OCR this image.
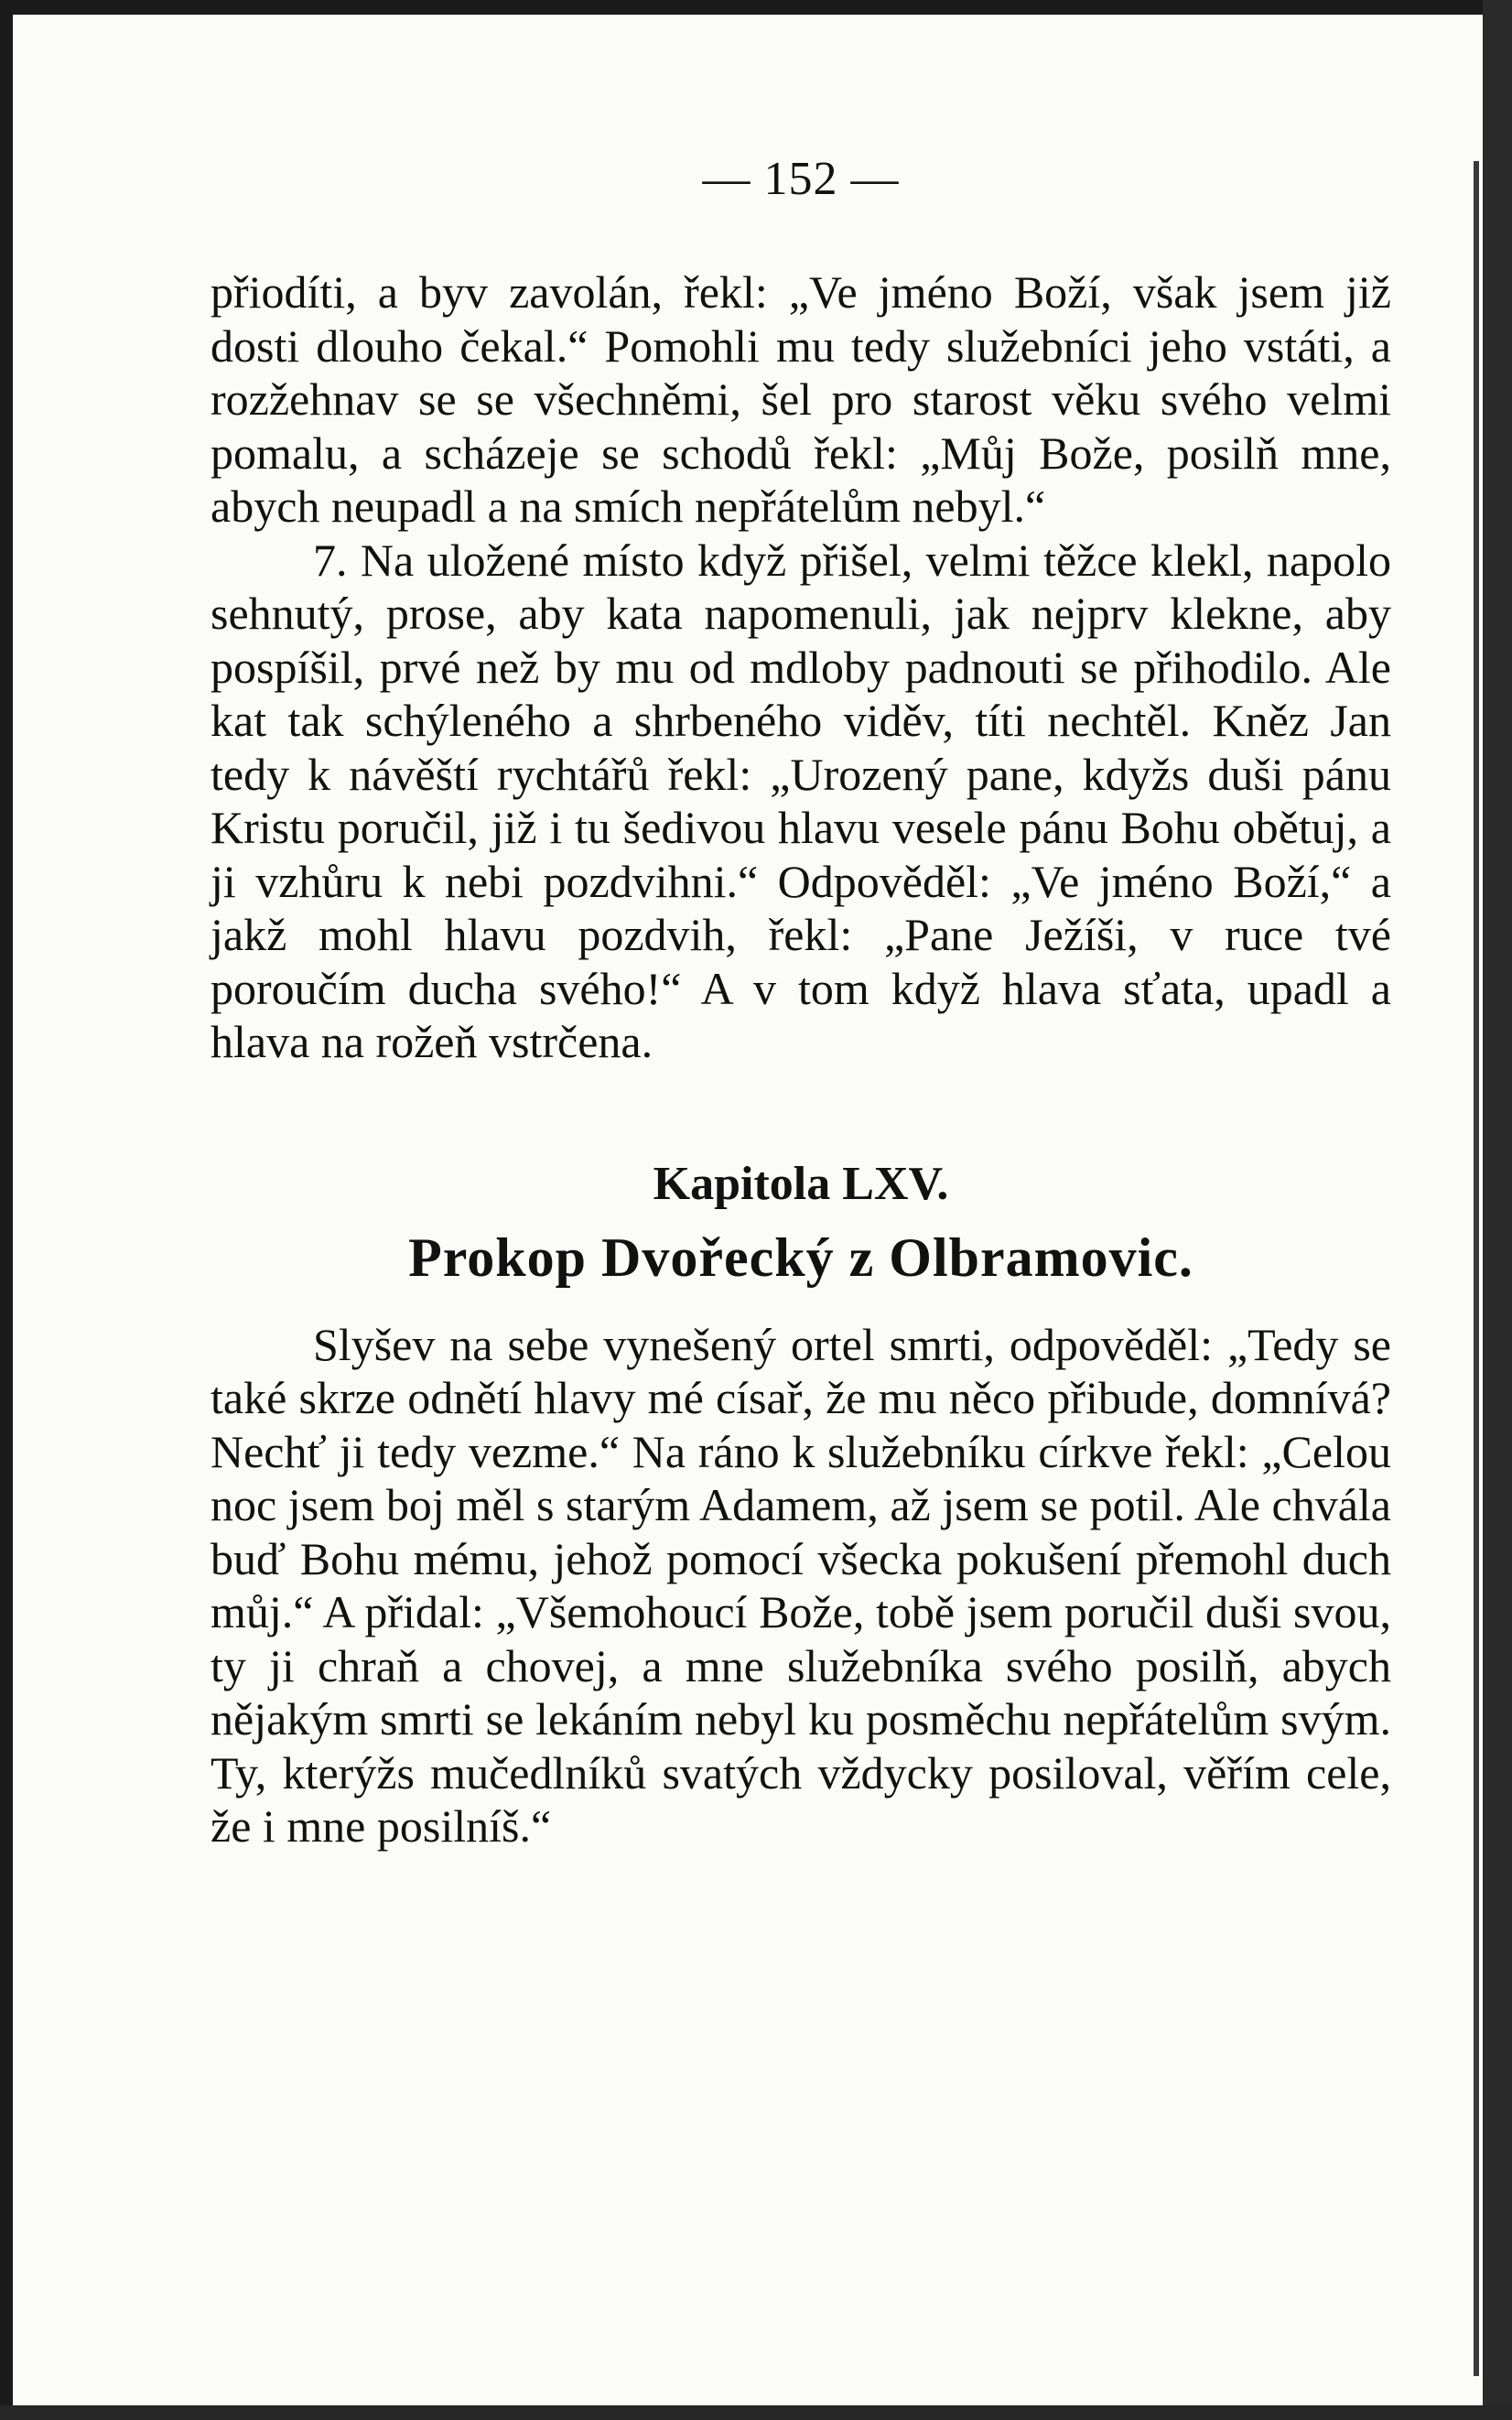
— 152 —

přiodíti, a byv zavolán, řekl: „Ve jméno Boží, však jsem již dosti dlouho čekal.“ Pomohli mu tedy služebníci jeho vstáti, a rozžehnav se se všechněmi, šel pro starost věku svého velmi pomalu, a scházeje se schodů řekl: „Můj Bože, posilň mne, abych neupadl a na smích nepřátelům nebyl.“

7. Na uložené místo když přišel, velmi těžce klekl, napolo sehnutý, prose, aby kata napomenuli, jak nejprv klekne, aby pospíšil, prvé než by mu od mdloby padnouti se přihodilo. Ale kat tak schýleného a shrbeného viděv, títi nechtěl. Kněz Jan tedy k návěští rychtářů řekl: „Urozený pane, kdyžs duši pánu Kristu poručil, již i tu šedivou hlavu vesele pánu Bohu obětuj, a ji vzhůru k nebi pozdvihni.“ Odpověděl: „Ve jméno Boží,“ a jakž mohl hlavu pozdvih, řekl: „Pane Ježíši, v ruce tvé poroučím ducha svého!“ A v tom když hlava sťata, upadl a hlava na rožeň vstrčena.

Kapitola LXV.
Prokop Dvořecký z Olbramovic.

Slyšev na sebe vynešený ortel smrti, odpověděl: „Tedy se také skrze odnětí hlavy mé císař, že mu něco přibude, domnívá? Nechť ji tedy vezme.“ Na ráno k služebníku církve řekl: „Celou noc jsem boj měl s starým Adamem, až jsem se potil. Ale chvála buď Bohu mému, jehož pomocí všecka pokušení přemohl duch můj.“ A přidal: „Všemohoucí Bože, tobě jsem poručil duši svou, ty ji chraň a chovej, a mne služebníka svého posilň, abych nějakým smrti se lekáním nebyl ku posměchu nepřátelům svým. Ty, kterýžs mučedlníků svatých vždycky posiloval, věřím cele, že i mne posilníš.“
